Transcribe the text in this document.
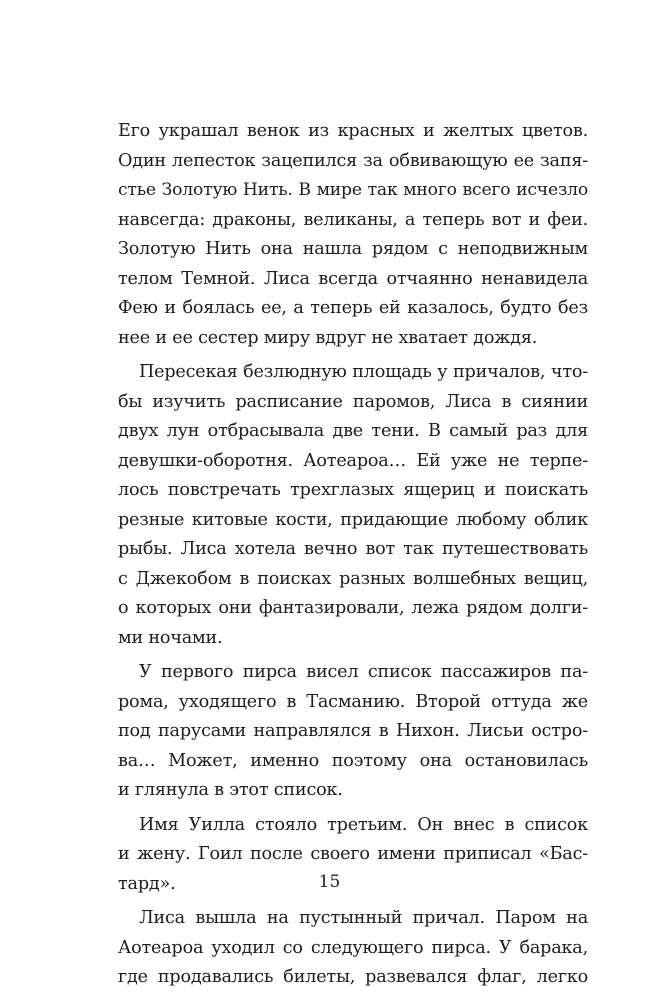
Его украшал венок из красных и желтых цветов.
Один лепесток зацепился за обвивающую ее запя-
стье Золотую Нить. В мире так много всего исчезло
навсегда: драконы, великаны, а теперь вот и феи.
Золотую Нить она нашла рядом с неподвижным
телом Темной. Лиса всегда отчаянно ненавидела
Фею и боялась ее, а теперь ей казалось, будто без
нее и ее сестер миру вдруг не хватает дождя.
Пересекая безлюдную площадь у причалов, что-
бы изучить расписание паромов, Лиса в сиянии
двух лун отбрасывала две тени. В самый раз для
девушки-оборотня. Аотеароа… Ей уже не терпе-
лось повстречать трехглазых ящериц и поискать
резные китовые кости, придающие любому облик
рыбы. Лиса хотела вечно вот так путешествовать
с Джекобом в поисках разных волшебных вещиц,
о которых они фантазировали, лежа рядом долги-
ми ночами.
У первого пирса висел список пассажиров па-
рома, уходящего в Тасманию. Второй оттуда же
под парусами направлялся в Нихон. Лисьи остро-
ва… Может, именно поэтому она остановилась
и глянула в этот список.
Имя Уилла стояло третьим. Он внес в список
и жену. Гоил после своего имени приписал «Бас-
тард».
Лиса вышла на пустынный причал. Паром на
Аотеароа уходил со следующего пирса. У барака,
где продавались билеты, развевался флаг, легко
15
